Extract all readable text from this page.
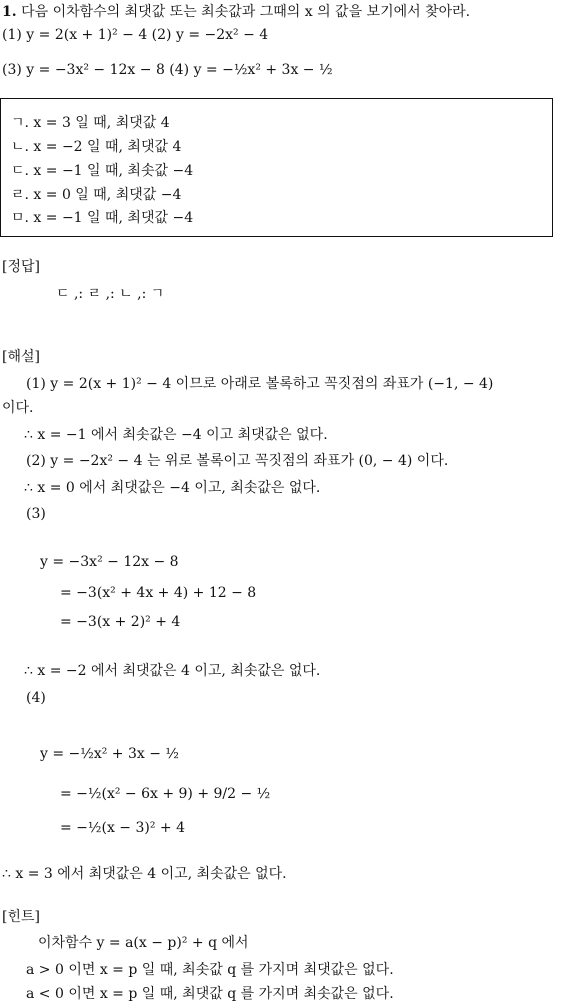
1. 다음 이차함수의 최댓값 또는 최솟값과 그때의 x 의 값을 보기에서 찾아라.
(1) y = 2(x + 1)² − 4 (2) y = −2x² − 4
(3) y = −3x² − 12x − 8 (4) y = −½x² + 3x − ½
ㄱ. x = 3 일 때, 최댓값 4
ㄴ. x = −2 일 때, 최댓값 4
ㄷ. x = −1 일 때, 최솟값 −4
ㄹ. x = 0 일 때, 최댓값 −4
ㅁ. x = −1 일 때, 최댓값 −4
[정답]
ㄷ ,: ㄹ ,: ㄴ ,: ㄱ
[해설]
(1) y = 2(x + 1)² − 4 이므로 아래로 볼록하고 꼭짓점의 좌표가 (−1, − 4)
이다.
∴ x = −1 에서 최솟값은 −4 이고 최댓값은 없다.
(2) y = −2x² − 4 는 위로 볼록이고 꼭짓점의 좌표가 (0, − 4) 이다.
∴ x = 0 에서 최댓값은 −4 이고, 최솟값은 없다.
(3)
y = −3x² − 12x − 8
= −3(x² + 4x + 4) + 12 − 8
= −3(x + 2)² + 4
∴ x = −2 에서 최댓값은 4 이고, 최솟값은 없다.
(4)
y = −½x² + 3x − ½
= −½(x² − 6x + 9) + 9/2 − ½
= −½(x − 3)² + 4
∴ x = 3 에서 최댓값은 4 이고, 최솟값은 없다.
[힌트]
이차함수 y = a(x − p)² + q 에서
a > 0 이면 x = p 일 때, 최솟값 q 를 가지며 최댓값은 없다.
a < 0 이면 x = p 일 때, 최댓값 q 를 가지며 최솟값은 없다.
